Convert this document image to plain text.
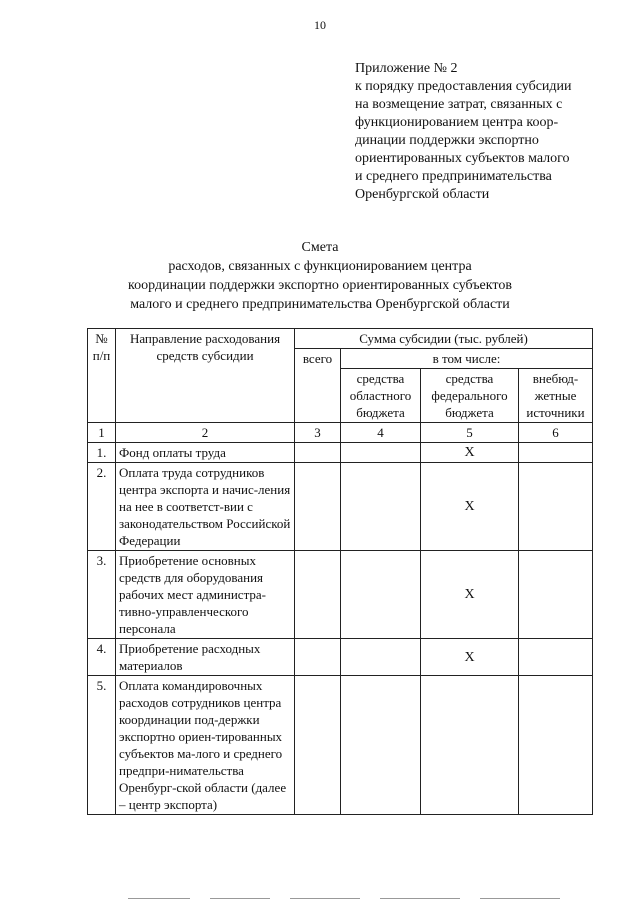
10
Приложение № 2
к порядку предоставления субсидии
на возмещение затрат, связанных с
функционированием центра коор-
динации поддержки экспортно
ориентированных субъектов малого
и среднего предпринимательства
Оренбургской области
Смета
расходов, связанных с функционированием центра
координации поддержки экспортно ориентированных субъектов
малого и среднего предпринимательства Оренбургской области
№ п/п	Направление расходования средств субсидии	Сумма субсидии (тыс. рублей)			
		всего	в том числе:		
			средства областного бюджета	средства федерального бюджета	внебюд-жетные источники
1	2	3	4	5	6
1.	Фонд оплаты труда			Х	
2.	Оплата труда сотрудников центра экспорта и начис-ления на нее в соответст-вии с законодательством Российской Федерации			Х	
3.	Приобретение основных средств для оборудования рабочих мест администра-тивно-управленческого персонала			Х	
4.	Приобретение расходных материалов			Х	
5.	Оплата командировочных расходов сотрудников центра координации под-держки экспортно ориен-тированных субъектов ма-лого и среднего предпри-нимательства Оренбург-ской области (далее – центр экспорта)				
